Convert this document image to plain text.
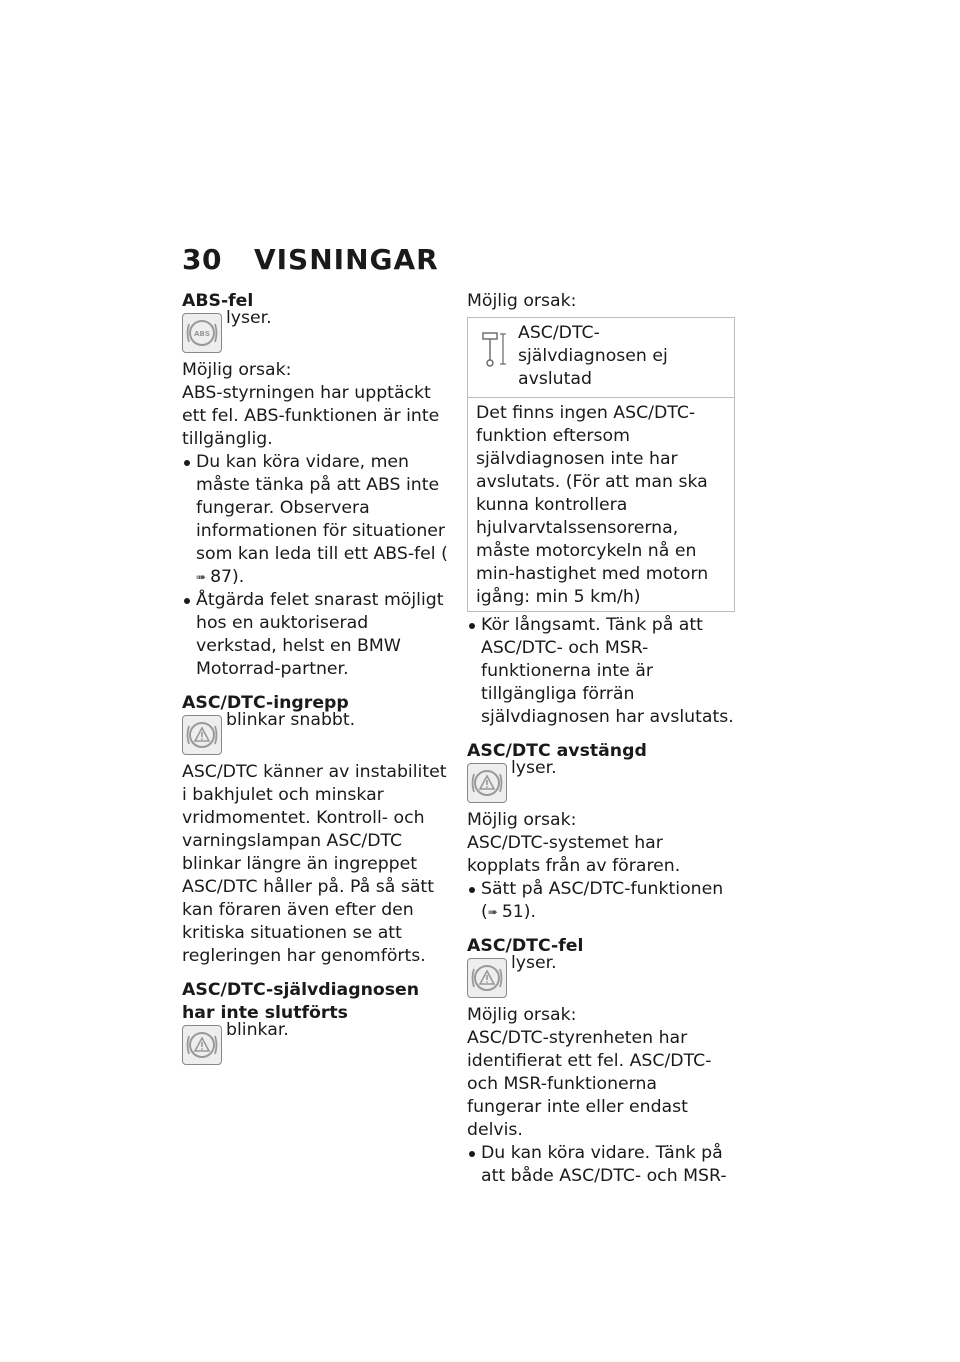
30 VISNINGAR
ABS-fel
ABS
lyser.

Möjlig orsak:

ABS-styrningen har upptäckt ett fel. ABS-funktionen är inte tillgänglig.

Du kan köra vidare, men måste tänka på att ABS inte fungerar. Observera informationen för situationer som kan leda till ett ABS-fel (➠ 87).
Åtgärda felet snarast möjligt hos en auktoriserad verkstad, helst en BMW Motorrad-partner.
ASC/DTC-ingrepp
blinkar snabbt.

ASC/DTC känner av instabilitet i bakhjulet och minskar vridmomentet. Kontroll- och varningslampan ASC/DTC blinkar längre än ingreppet ASC/DTC håller på. På så sätt kan föraren även efter den kritiska situationen se att regleringen har genomförts.

ASC/DTC-självdiagnosen har inte slutförts
blinkar.

Möjlig orsak:

ASC/DTC-självdiagnosen ej avslutad
Det finns ingen ASC/DTC-funktion eftersom självdiagnosen inte har avslutats. (För att man ska kunna kontrollera hjulvarvtalssensorerna, måste motorcykeln nå en min-hastighet med motorn igång: min 5 km/h)
Kör långsamt. Tänk på att ASC/DTC- och MSR-funktionerna inte är tillgängliga förrän självdiagnosen har avslutats.
ASC/DTC avstängd
lyser.

Möjlig orsak:

ASC/DTC-systemet har kopplats från av föraren.

Sätt på ASC/DTC-funktionen (➠ 51).
ASC/DTC-fel
lyser.

Möjlig orsak:

ASC/DTC-styrenheten har identifierat ett fel. ASC/DTC- och MSR-funktionerna fungerar inte eller endast delvis.

Du kan köra vidare. Tänk på att både ASC/DTC- och MSR-
